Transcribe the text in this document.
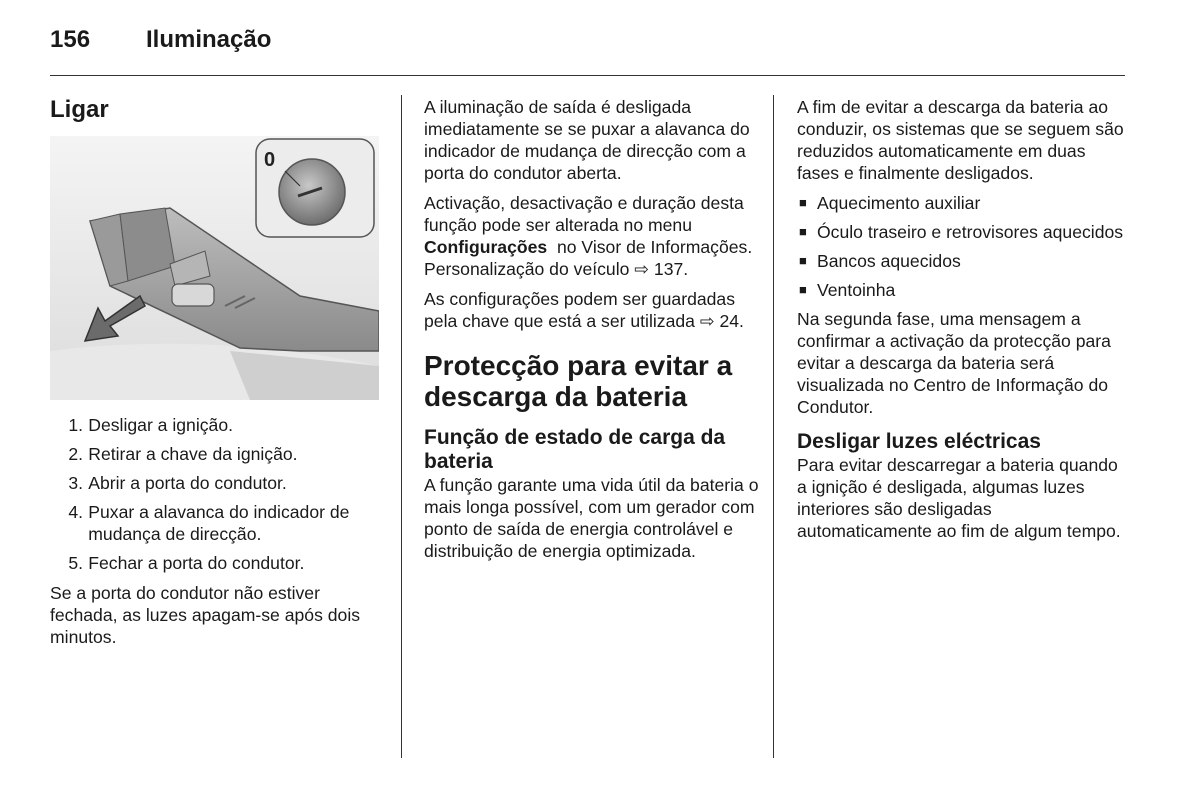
156 Iluminação
Ligar
0
1. Desligar a ignição.
2. Retirar a chave da ignição.
3. Abrir a porta do condutor.
4. Puxar a alavanca do indicador de mudança de direcção.
5. Fechar a porta do condutor.

Se a porta do condutor não estiver fechada, as luzes apagam-se após dois minutos.

A iluminação de saída é desligada imediatamente se se puxar a alavanca do indicador de mudança de direcção com a porta do condutor aberta.

Activação, desactivação e duração desta função pode ser alterada no menu Configurações  no Visor de Informações. Personalização do veículo ⇨ 137.

As configurações podem ser guardadas pela chave que está a ser utilizada ⇨ 24.

Protecção para evitar a descarga da bateria
Função de estado de carga da bateria

A função garante uma vida útil da bateria o mais longa possível, com um gerador com ponto de saída de energia controlável e distribuição de energia optimizada.

A fim de evitar a descarga da bateria ao conduzir, os sistemas que se seguem são reduzidos automaticamente em duas fases e finalmente desligados.

■ Aquecimento auxiliar
■ Óculo traseiro e retrovisores aquecidos
■ Bancos aquecidos
■ Ventoinha

Na segunda fase, uma mensagem a confirmar a activação da protecção para evitar a descarga da bateria será visualizada no Centro de Informação do Condutor.

Desligar luzes eléctricas

Para evitar descarregar a bateria quando a ignição é desligada, algumas luzes interiores são desligadas automaticamente ao fim de algum tempo.
